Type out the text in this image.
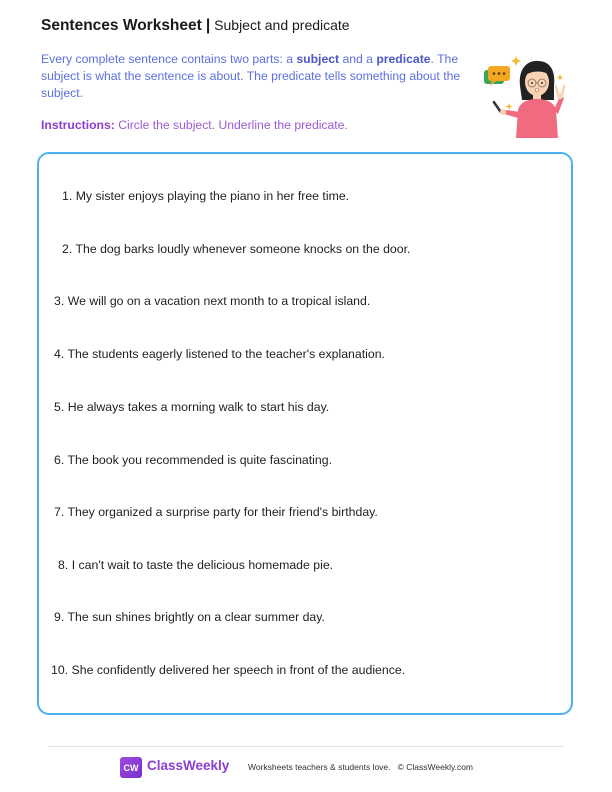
Sentences Worksheet | Subject and predicate
Every complete sentence contains two parts: a subject and a predicate. The subject is what the sentence is about. The predicate tells something about the subject.
Instructions: Circle the subject. Underline the predicate.
1. My sister enjoys playing the piano in her free time.
2. The dog barks loudly whenever someone knocks on the door.
3. We will go on a vacation next month to a tropical island.
4. The students eagerly listened to the teacher's explanation.
5. He always takes a morning walk to start his day.
6. The book you recommended is quite fascinating.
7. They organized a surprise party for their friend's birthday.
8. I can't wait to taste the delicious homemade pie.
9. The sun shines brightly on a clear summer day.
10. She confidently delivered her speech in front of the audience.
CW ClassWeekly Worksheets teachers & students love. © ClassWeekly.com
